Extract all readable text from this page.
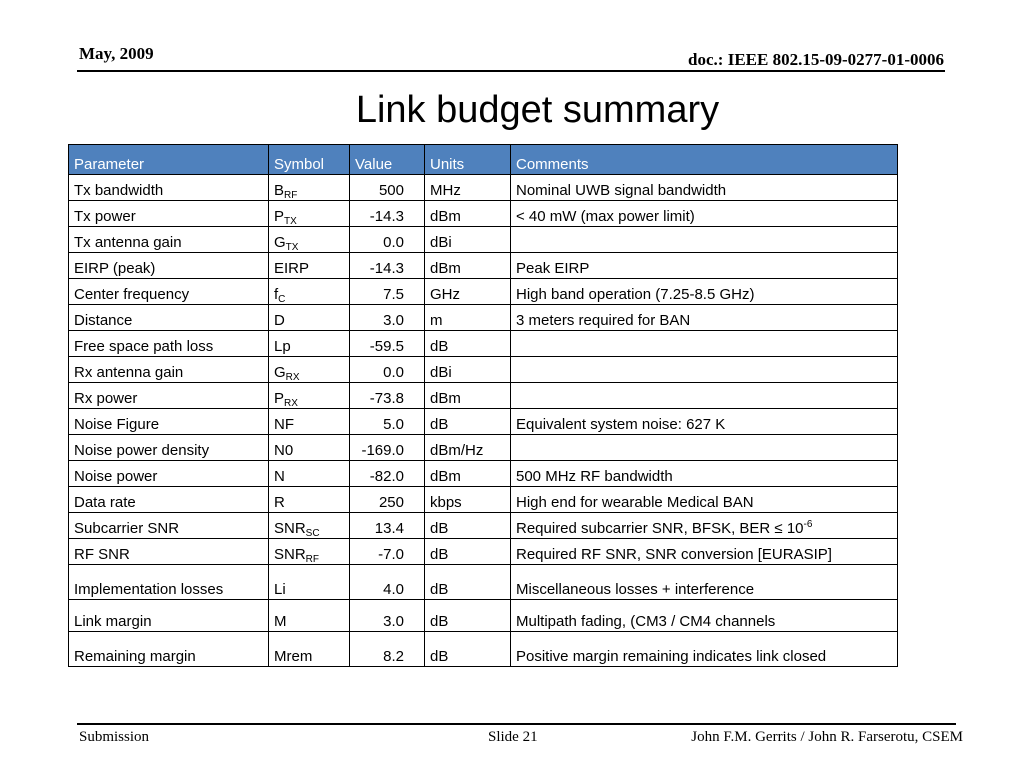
May, 2009	doc.: IEEE 802.15-09-0277-01-0006
Link budget summary
Parameter	Symbol	Value	Units	Comments
Tx bandwidth	$B_{RF}$	500	MHz	Nominal UWB signal bandwidth
Tx power	$P_{TX}$	-14.3	dBm	< 40 mW (max power limit)
Tx antenna gain	$G_{TX}$	0.0	dBi	
EIRP (peak)	EIRP	-14.3	dBm	Peak EIRP
Center frequency	$f_C$	7.5	GHz	High band operation (7.25-8.5 GHz)
Distance	D	3.0	m	3 meters required for BAN
Free space path loss	Lp	-59.5	dB	
Rx antenna gain	$G_{RX}$	0.0	dBi	
Rx power	$P_{RX}$	-73.8	dBm	
Noise Figure	NF	5.0	dB	Equivalent system noise: 627 K
Noise power density	N0	-169.0	dBm/Hz	
Noise power	N	-82.0	dBm	500 MHz RF bandwidth
Data rate	R	250	kbps	High end for wearable Medical BAN
Subcarrier SNR	$SNR_{SC}$	13.4	dB	Required subcarrier SNR, BFSK, BER ≤ $10^{-6}$
RF SNR	$SNR_{RF}$	-7.0	dB	Required RF SNR, SNR conversion [EURASIP]
Implementation losses	Li	4.0	dB	Miscellaneous losses + interference
Link margin	M	3.0	dB	Multipath fading, (CM3 / CM4 channels
Remaining margin	Mrem	8.2	dB	Positive margin remaining indicates link closed
Submission	Slide 21	John F.M. Gerrits / John R. Farserotu, CSEM
